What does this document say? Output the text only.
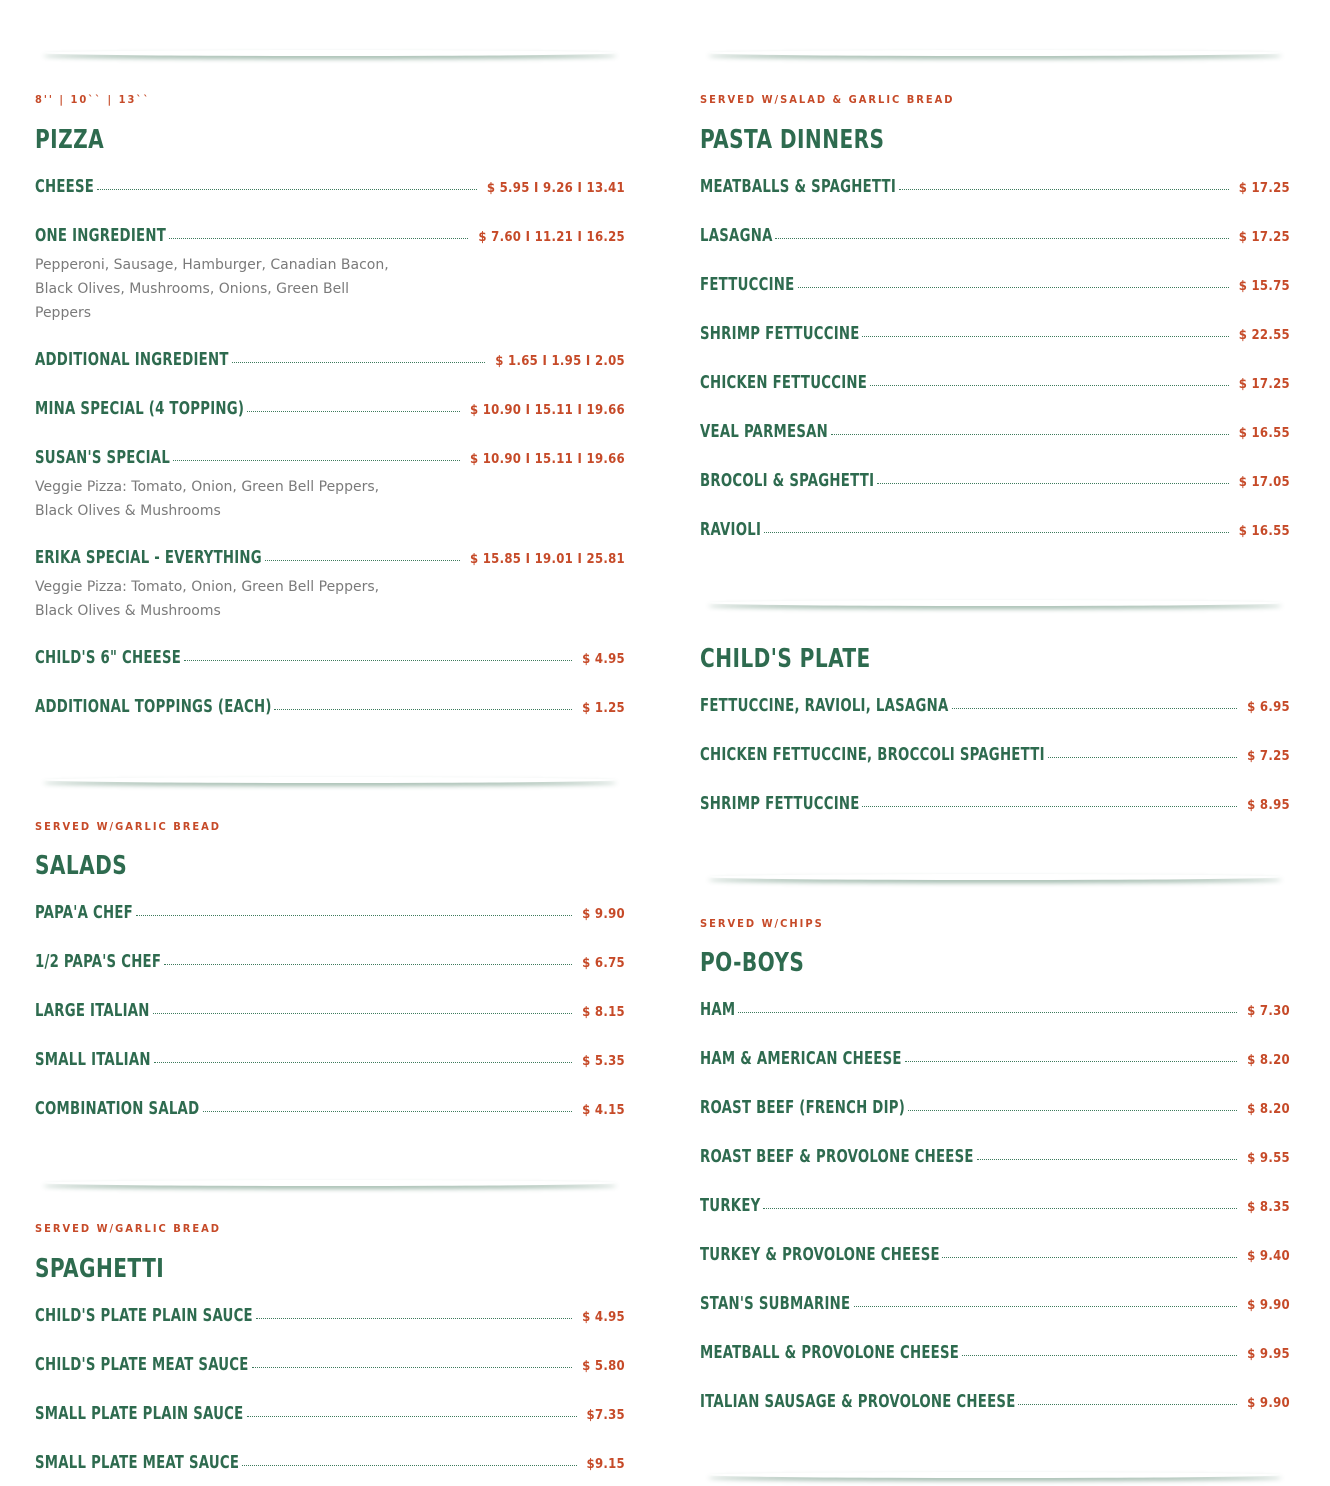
8'' | 10`` | 13``
PIZZA
CHEESE	$ 5.95 I 9.26 I 13.41
ONE INGREDIENT	$ 7.60 I 11.21 I 16.25
Pepperoni, Sausage, Hamburger, Canadian Bacon, Black Olives, Mushrooms, Onions, Green Bell Peppers
ADDITIONAL INGREDIENT	$ 1.65 I 1.95 I 2.05
MINA SPECIAL (4 TOPPING)	$ 10.90 I 15.11 I 19.66
SUSAN'S SPECIAL	$ 10.90 I 15.11 I 19.66
Veggie Pizza: Tomato, Onion, Green Bell Peppers, Black Olives & Mushrooms
ERIKA SPECIAL - EVERYTHING	$ 15.85 I 19.01 I 25.81
Veggie Pizza: Tomato, Onion, Green Bell Peppers, Black Olives & Mushrooms
CHILD'S 6" CHEESE	$ 4.95
ADDITIONAL TOPPINGS (EACH)	$ 1.25
SERVED W/GARLIC BREAD
SALADS
PAPA'A CHEF	$ 9.90
1/2 PAPA'S CHEF	$ 6.75
LARGE ITALIAN	$ 8.15
SMALL ITALIAN	$ 5.35
COMBINATION SALAD	$ 4.15
SERVED W/GARLIC BREAD
SPAGHETTI
CHILD'S PLATE PLAIN SAUCE	$ 4.95
CHILD'S PLATE MEAT SAUCE	$ 5.80
SMALL PLATE PLAIN SAUCE	$7.35
SMALL PLATE MEAT SAUCE	$9.15
SERVED W/SALAD & GARLIC BREAD
PASTA DINNERS
MEATBALLS & SPAGHETTI	$ 17.25
LASAGNA	$ 17.25
FETTUCCINE	$ 15.75
SHRIMP FETTUCCINE	$ 22.55
CHICKEN FETTUCCINE	$ 17.25
VEAL PARMESAN	$ 16.55
BROCOLI & SPAGHETTI	$ 17.05
RAVIOLI	$ 16.55
CHILD'S PLATE
FETTUCCINE, RAVIOLI, LASAGNA	$ 6.95
CHICKEN FETTUCCINE, BROCCOLI SPAGHETTI	$ 7.25
SHRIMP FETTUCCINE	$ 8.95
SERVED W/CHIPS
PO-BOYS
HAM	$ 7.30
HAM & AMERICAN CHEESE	$ 8.20
ROAST BEEF (FRENCH DIP)	$ 8.20
ROAST BEEF & PROVOLONE CHEESE	$ 9.55
TURKEY	$ 8.35
TURKEY & PROVOLONE CHEESE	$ 9.40
STAN'S SUBMARINE	$ 9.90
MEATBALL & PROVOLONE CHEESE	$ 9.95
ITALIAN SAUSAGE & PROVOLONE CHEESE	$ 9.90
